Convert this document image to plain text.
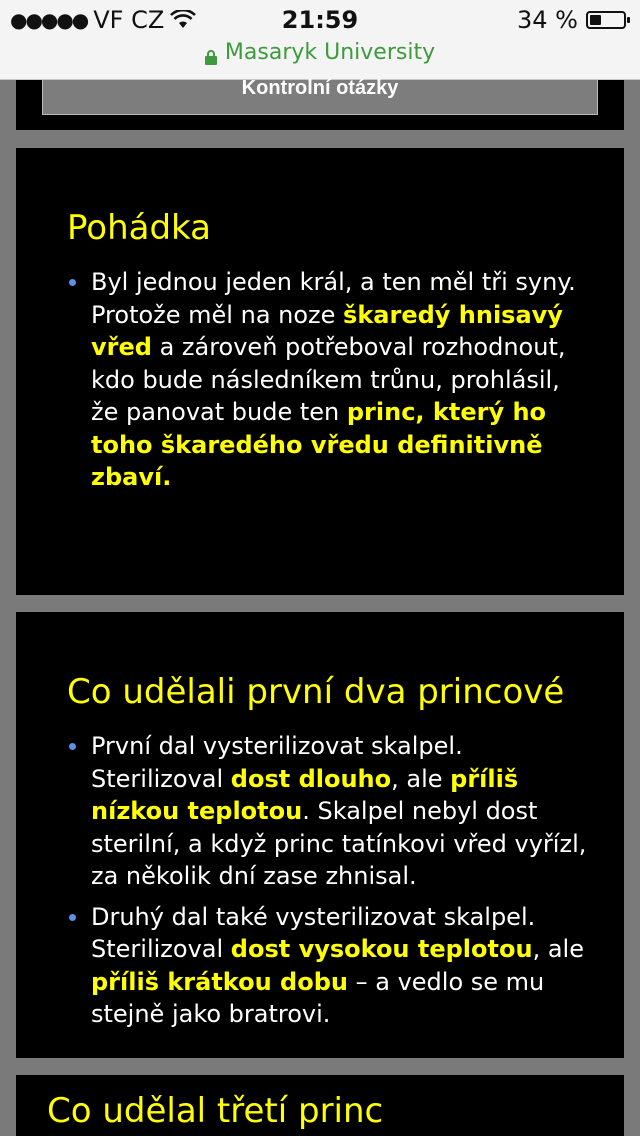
●●●●● VF CZ	21:59	34 %
Masaryk University
Kontrolní otázky
Pohádka
Byl jednou jeden král, a ten měl tři syny. Protože měl na noze škaredý hnisavý vřed a zároveň potřeboval rozhodnout, kdo bude následníkem trůnu, prohlásil, že panovat bude ten princ, který ho toho škaredého vředu definitivně zbaví.
Co udělali první dva princové
První dal vysterilizovat skalpel. Sterilizoval dost dlouho, ale příliš nízkou teplotou. Skalpel nebyl dost sterilní, a když princ tatínkovi vřed vyřízl, za několik dní zase zhnisal.
Druhý dal také vysterilizovat skalpel. Sterilizoval dost vysokou teplotou, ale příliš krátkou dobu – a vedlo se mu stejně jako bratrovi.
Co udělal třetí princ
